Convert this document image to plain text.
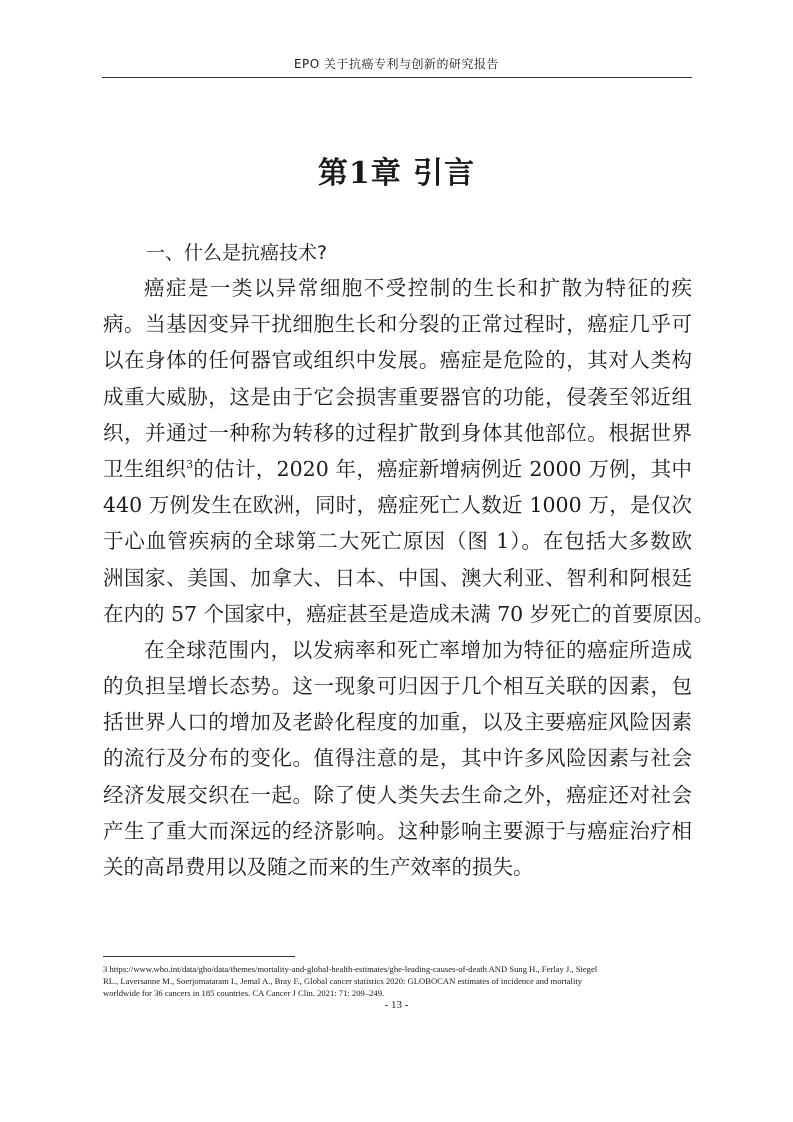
EPO 关于抗癌专利与创新的研究报告
第1章 引言
一、什么是抗癌技术?
癌症是一类以异常细胞不受控制的生长和扩散为特征的疾
病。当基因变异干扰细胞生长和分裂的正常过程时，癌症几乎可
以在身体的任何器官或组织中发展。癌症是危险的，其对人类构
成重大威胁，这是由于它会损害重要器官的功能，侵袭至邻近组
织，并通过一种称为转移的过程扩散到身体其他部位。根据世界
卫生组织$^3$的估计，2020 年，癌症新增病例近 2000 万例，其中
440 万例发生在欧洲，同时，癌症死亡人数近 1000 万，是仅次
于心血管疾病的全球第二大死亡原因（图 1）。在包括大多数欧
洲国家、美国、加拿大、日本、中国、澳大利亚、智利和阿根廷
在内的 57 个国家中，癌症甚至是造成未满 70 岁死亡的首要原因。
在全球范围内，以发病率和死亡率增加为特征的癌症所造成
的负担呈增长态势。这一现象可归因于几个相互关联的因素，包
括世界人口的增加及老龄化程度的加重，以及主要癌症风险因素
的流行及分布的变化。值得注意的是，其中许多风险因素与社会
经济发展交织在一起。除了使人类失去生命之外，癌症还对社会
产生了重大而深远的经济影响。这种影响主要源于与癌症治疗相
关的高昂费用以及随之而来的生产效率的损失。
3 https://www.who.int/data/gho/data/themes/mortality-and-global-health-estimates/ghe-leading-causes-of-death AND Sung H., Ferlay J., Siegel
RL., Laversanne M., Soerjomataram I., Jemal A., Bray F., Global cancer statistics 2020: GLOBOCAN estimates of incidence and mortality
worldwide for 36 cancers in 185 countries. CA Cancer J Clin. 2021: 71: 209–249.
- 13 -
